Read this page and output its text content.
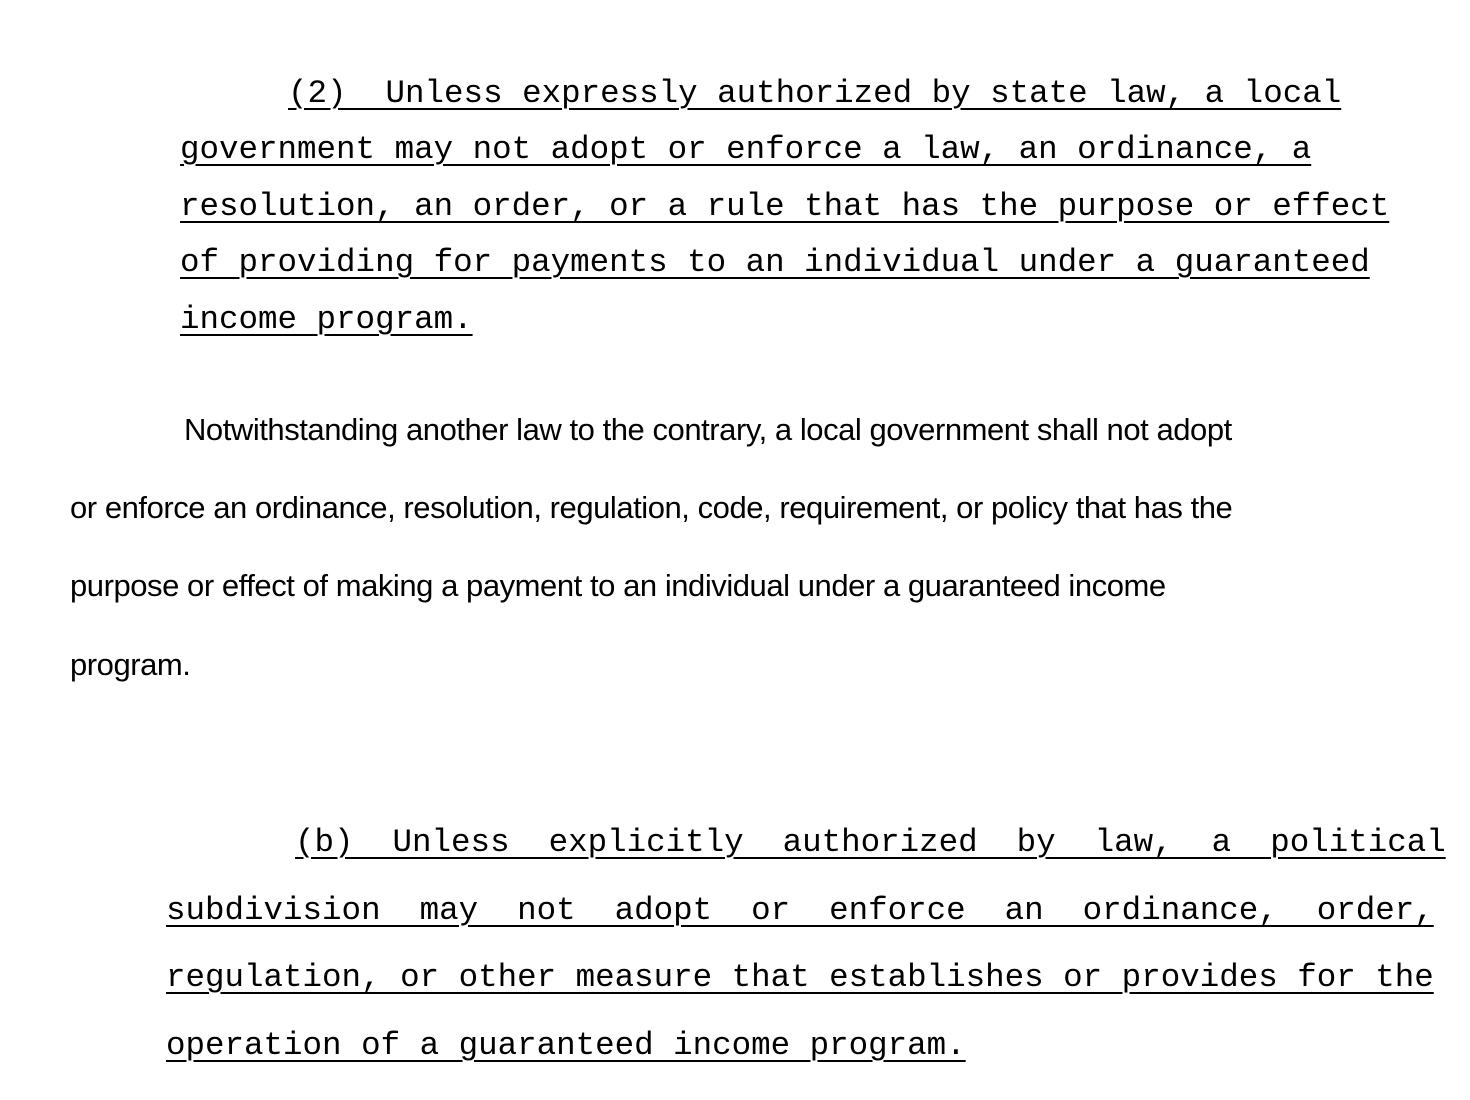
(2)  Unless expressly authorized by state law, a local

government may not adopt or enforce a law, an ordinance, a

resolution, an order, or a rule that has the purpose or effect

of providing for payments to an individual under a guaranteed

income program.

Notwithstanding another law to the contrary, a local government shall not adopt
or enforce an ordinance, resolution, regulation, code, requirement, or policy that has the
purpose or effect of making a payment to an individual under a guaranteed income
program.

(b)  Unless  explicitly  authorized  by  law,  a  political

subdivision  may  not  adopt  or  enforce  an  ordinance,  order,

regulation, or other measure that establishes or provides for the

operation of a guaranteed income program.
